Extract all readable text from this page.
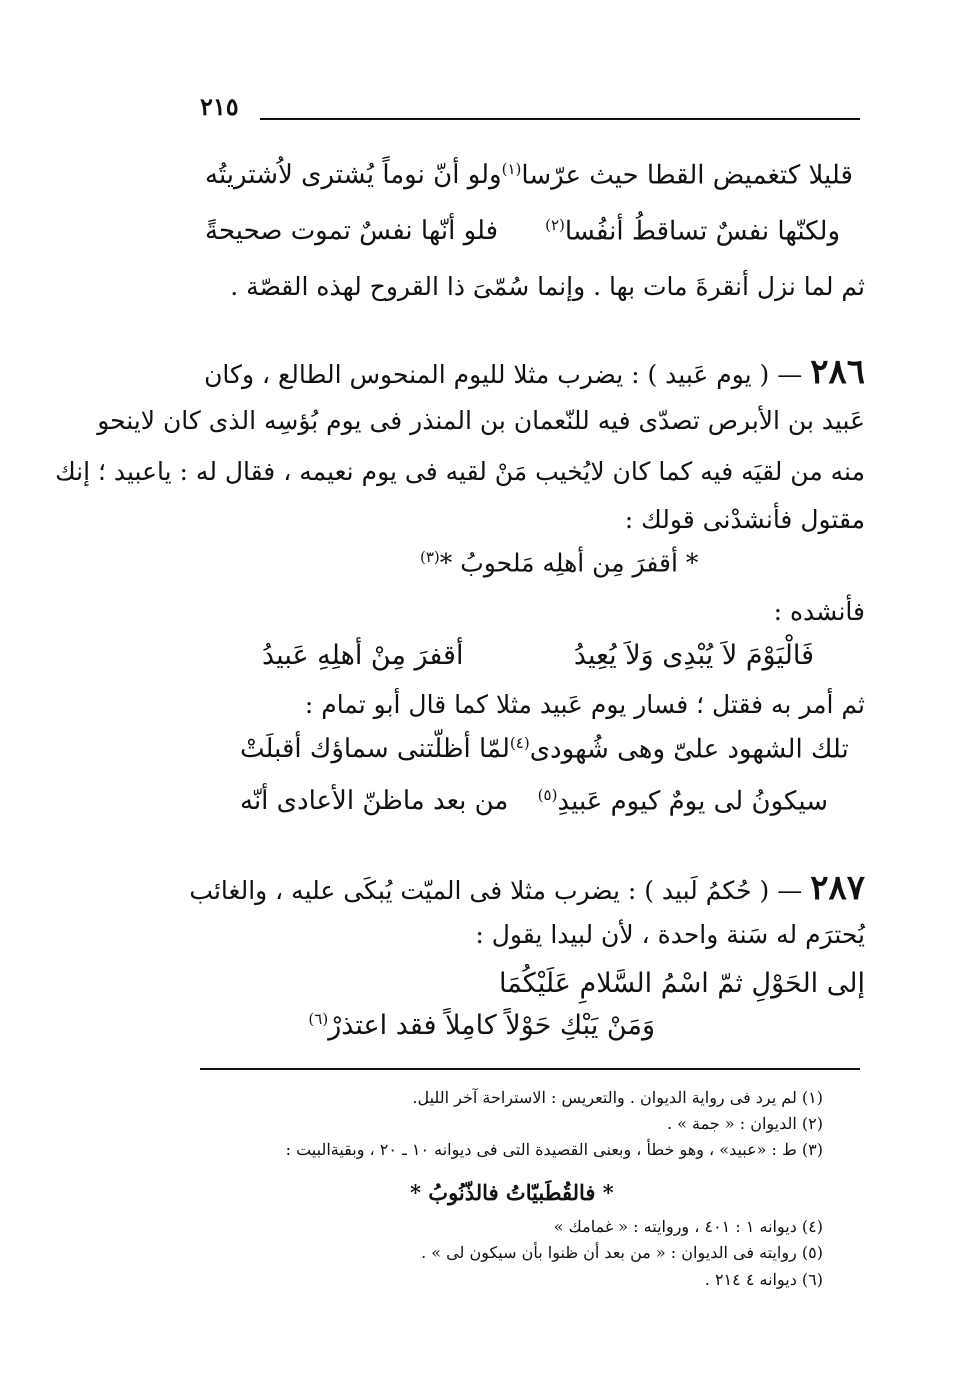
٢١٥
ولو أنّ نوماً يُشترى لاُشتريتُه قليلا كتغميض القطا حيث عرّسا$^{(١)}$
فلو أنّها نفسٌ تموت صحيحةً	ولكنّها نفسٌ تساقطُ أنفُسا$^{(٢)}$
ثم لما نزل أنقرةَ مات بها . وإنما سُمّىَ ذا القروح لهذه القصّة .
٢٨٦ — ( يوم عَبيد ) : يضرب مثلا لليوم المنحوس الطالع ، وكان
عَبيد بن الأبرص تصدّى فيه للنّعمان بن المنذر فى يوم بُؤسِه الذى كان لاينحو
منه من لقيَه فيه كما كان لايُخيب مَنْ لقيه فى يوم نعيمه ، فقال له : ياعبيد ؛ إنك
مقتول فأنشدْنى قولك :
* أقفرَ مِن أهلِه مَلحوبُ *$^{(٣)}$
فأنشده :
أقفرَ مِنْ أهلِهِ عَبيدُ	فَالْيَوْمَ لاَ يُبْدِى وَلاَ يُعِيدُ
ثم أمر به فقتل ؛ فسار يوم عَبيد مثلا كما قال أبو تمام :
لمّا أظلّتنى سماؤك أقبلَتْ تلك الشهود علىّ وهى شُهودى$^{(٤)}$
من بعد ماظنّ الأعادى أنّه	سيكونُ لى يومٌ كيوم عَبيدِ$^{(٥)}$
٢٨٧ — ( حُكمُ لَبيد ) : يضرب مثلا فى الميّت يُبكَى عليه ، والغائب
يُحترَم له سَنة واحدة ، لأن لبيدا يقول :
إلى الحَوْلِ ثمّ اسْمُ السَّلامِ عَلَيْكُمَا
وَمَنْ يَبْكِ حَوْلاً كامِلاً فقد اعتذرْ$^{(٦)}$
(١) لم يرد فى رواية الديوان . والتعريس : الاستراحة آخر الليل.
(٢) الديوان : « جمة » .
(٣) ط : «عبيد» ، وهو خطأ ، وبعنى القصيدة التى فى ديوانه ١٠ ـ ٢٠ ، وبقيةالبيت :
* فالقُطَبيّاتُ فالذّنُوبُ *
(٤) ديوانه ١ : ٤٠١ ، وروايته : « غمامك »
(٥) روايته فى الديوان : « من بعد أن ظنوا بأن سيكون لى » .
(٦) ديوانه ٤ ٢١٤ .
